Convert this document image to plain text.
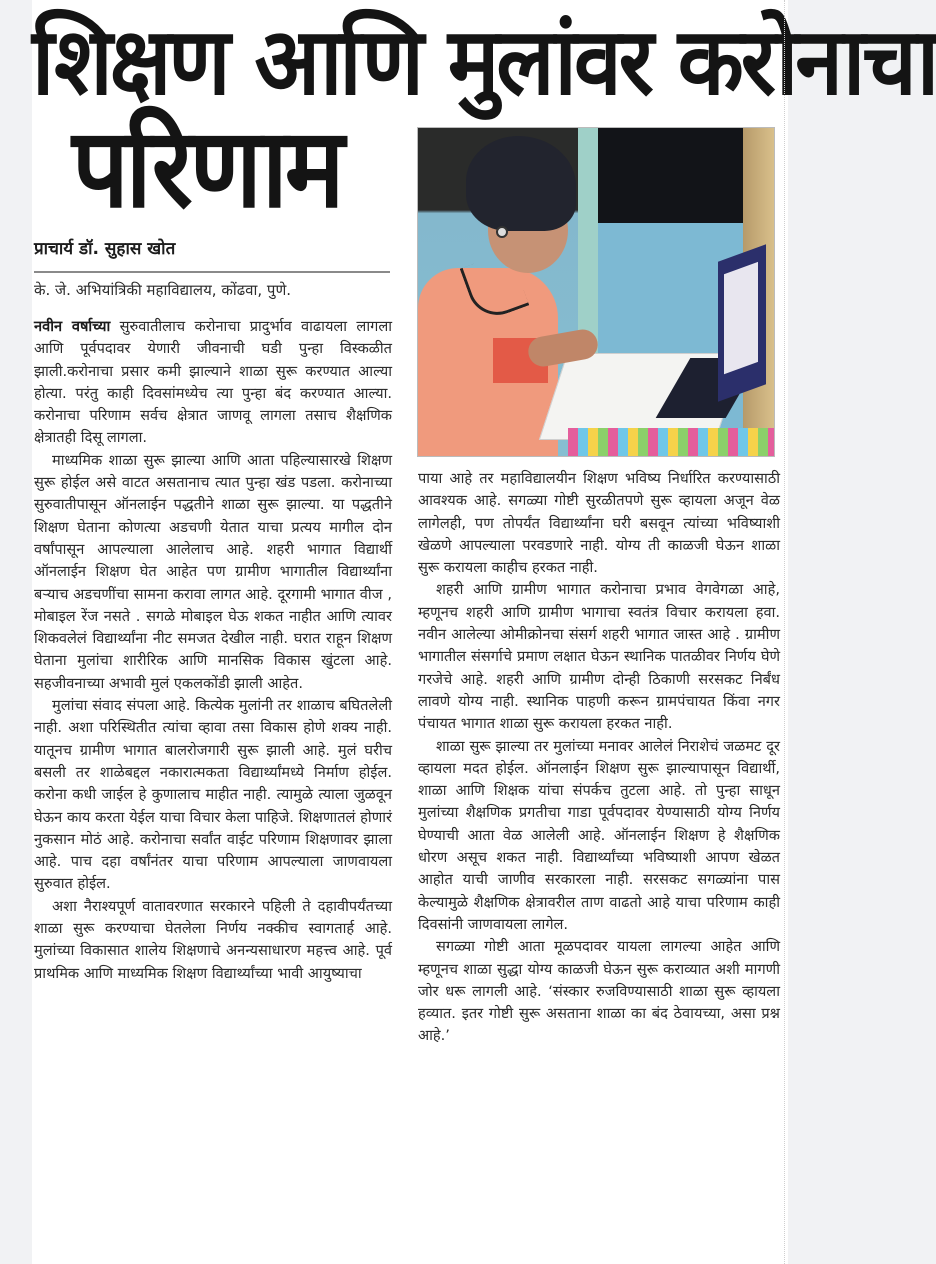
शिक्षण आणि मुलांवर करोनाचा
परिणाम
प्राचार्य डॉ. सुहास खोत
के. जे. अभियांत्रिकी महाविद्यालय, कोंढवा, पुणे.

नवीन वर्षाच्या सुरुवातीलाच करोनाचा प्रादुर्भाव वाढायला लागला आणि पूर्वपदावर येणारी जीवनाची घडी पुन्हा विस्कळीत झाली.करोनाचा प्रसार कमी झाल्याने शाळा सुरू करण्यात आल्या होत्या. परंतु काही दिवसांमध्येच त्या पुन्हा बंद करण्यात आल्या. करोनाचा परिणाम सर्वच क्षेत्रात जाणवू लागला तसाच शैक्षणिक क्षेत्रातही दिसू लागला.

माध्यमिक शाळा सुरू झाल्या आणि आता पहिल्यासारखे शिक्षण सुरू होईल असे वाटत असतानाच त्यात पुन्हा खंड पडला. करोनाच्या सुरुवातीपासून ऑनलाईन पद्धतीने शाळा सुरू झाल्या. या पद्धतीने शिक्षण घेताना कोणत्या अडचणी येतात याचा प्रत्यय मागील दोन वर्षांपासून आपल्याला आलेलाच आहे. शहरी भागात विद्यार्थी ऑनलाईन शिक्षण घेत आहेत पण ग्रामीण भागातील विद्यार्थ्यांना बऱ्याच अडचणींचा सामना करावा लागत आहे. दूरगामी भागात वीज , मोबाइल रेंज नसते . सगळे मोबाइल घेऊ शकत नाहीत आणि त्यावर शिकवलेलं विद्यार्थ्यांना नीट समजत देखील नाही. घरात राहून शिक्षण घेताना मुलांचा शारीरिक आणि मानसिक विकास खुंटला आहे. सहजीवनाच्या अभावी मुलं एकलकोंडी झाली आहेत.

मुलांचा संवाद संपला आहे. कित्येक मुलांनी तर शाळाच बघितलेली नाही. अशा परिस्थितीत त्यांचा व्हावा तसा विकास होणे शक्य नाही. यातूनच ग्रामीण भागात बालरोजगारी सुरू झाली आहे. मुलं घरीच बसली तर शाळेबद्दल नकारात्मकता विद्यार्थ्यांमध्ये निर्माण होईल. करोना कधी जाईल हे कुणालाच माहीत नाही. त्यामुळे त्याला जुळवून घेऊन काय करता येईल याचा विचार केला पाहिजे. शिक्षणातलं होणारं नुकसान मोठं आहे. करोनाचा सर्वांत वाईट परिणाम शिक्षणावर झाला आहे. पाच दहा वर्षांनंतर याचा परिणाम आपल्याला जाणवायला सुरुवात होईल.

अशा नैराश्यपूर्ण वातावरणात सरकारने पहिली ते दहावीपर्यंतच्या शाळा सुरू करण्याचा घेतलेला निर्णय नक्कीच स्वागतार्ह आहे. मुलांच्या विकासात शालेय शिक्षणाचे अनन्यसाधारण महत्त्व आहे. पूर्व प्राथमिक आणि माध्यमिक शिक्षण विद्यार्थ्यांच्या भावी आयुष्याचा

पाया आहे तर महाविद्यालयीन शिक्षण भविष्य निर्धारित करण्यासाठी आवश्यक आहे. सगळ्या गोष्टी सुरळीतपणे सुरू व्हायला अजून वेळ लागेलही, पण तोपर्यंत विद्यार्थ्यांना घरी बसवून त्यांच्या भविष्याशी खेळणे आपल्याला परवडणारे नाही. योग्य ती काळजी घेऊन शाळा सुरू करायला काहीच हरकत नाही.

शहरी आणि ग्रामीण भागात करोनाचा प्रभाव वेगवेगळा आहे, म्हणूनच शहरी आणि ग्रामीण भागाचा स्वतंत्र विचार करायला हवा. नवीन आलेल्या ओमीक्रोनचा संसर्ग शहरी भागात जास्त आहे . ग्रामीण भागातील संसर्गाचे प्रमाण लक्षात घेऊन स्थानिक पातळीवर निर्णय घेणे गरजेचे आहे. शहरी आणि ग्रामीण दोन्ही ठिकाणी सरसकट निर्बंध लावणे योग्य नाही. स्थानिक पाहणी करून ग्रामपंचायत किंवा नगर पंचायत भागात शाळा सुरू करायला हरकत नाही.

शाळा सुरू झाल्या तर मुलांच्या मनावर आलेलं निराशेचं जळमट दूर व्हायला मदत होईल. ऑनलाईन शिक्षण सुरू झाल्यापासून विद्यार्थी, शाळा आणि शिक्षक यांचा संपर्कच तुटला आहे. तो पुन्हा साधून मुलांच्या शैक्षणिक प्रगतीचा गाडा पूर्वपदावर येण्यासाठी योग्य निर्णय घेण्याची आता वेळ आलेली आहे. ऑनलाईन शिक्षण हे शैक्षणिक धोरण असूच शकत नाही. विद्यार्थ्यांच्या भविष्याशी आपण खेळत आहोत याची जाणीव सरकारला नाही. सरसकट सगळ्यांना पास केल्यामुळे शैक्षणिक क्षेत्रावरील ताण वाढतो आहे याचा परिणाम काही दिवसांनी जाणवायला लागेल.

सगळ्या गोष्टी आता मूळपदावर यायला लागल्या आहेत आणि म्हणूनच शाळा सुद्धा योग्य काळजी घेऊन सुरू कराव्यात अशी मागणी जोर धरू लागली आहे. ‘संस्कार रुजविण्यासाठी शाळा सुरू व्हायला हव्यात. इतर गोष्टी सुरू असताना शाळा का बंद ठेवायच्या, असा प्रश्न आहे.’
